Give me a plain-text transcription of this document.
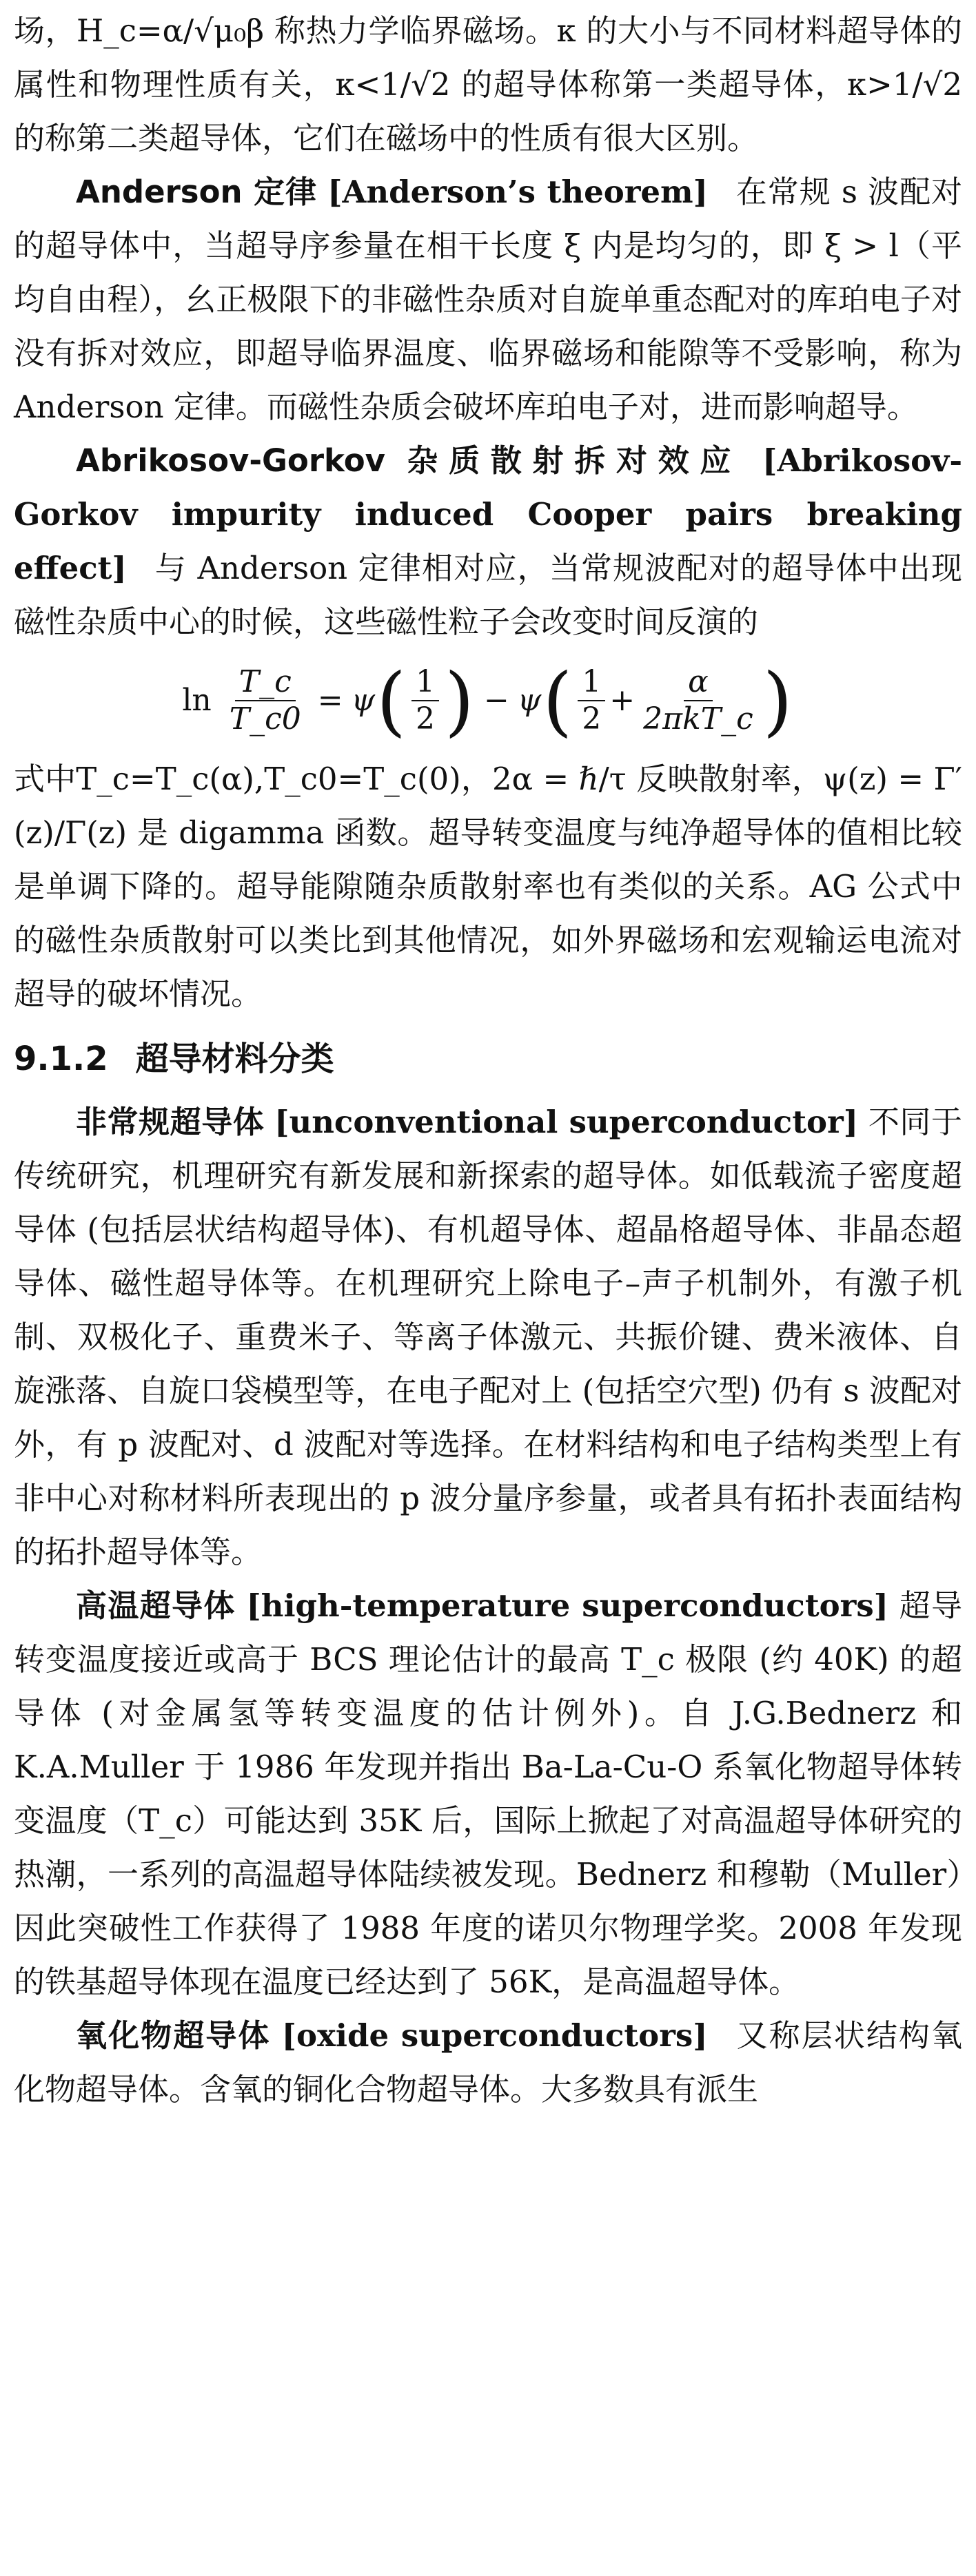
场，H_c=α/√μ₀β 称热力学临界磁场。κ 的大小与不同材料超导体的属性和物理性质有关，κ<1/√2 的超导体称第一类超导体，κ>1/√2 的称第二类超导体，它们在磁场中的性质有很大区别。

Anderson 定律 [Anderson’s theorem] 在常规 s 波配对的超导体中，当超导序参量在相干长度 ξ 内是均匀的，即 ξ > l（平均自由程），幺正极限下的非磁性杂质对自旋单重态配对的库珀电子对没有拆对效应，即超导临界温度、临界磁场和能隙等不受影响，称为 Anderson 定律。而磁性杂质会破坏库珀电子对，进而影响超导。

Abrikosov-Gorkov 杂质散射拆对效应 [Abrikosov-Gorkov impurity induced Cooper pairs breaking effect] 与 Anderson 定律相对应，当常规波配对的超导体中出现磁性杂质中心的时候，这些磁性粒子会改变时间反演的

ln
$\frac{T\_c}{T\_c0} = \psi$ ( $\frac{1}{2}$ ) − ψ ( $\frac{1}{2} + \frac{\alpha}{\text{2πkT\_c}}$ )

式中T_c=T_c(α),T_c0=T_c(0)，2α = ℏ/τ 反映散射率，ψ(z) = Γ′(z)/Γ(z) 是 digamma 函数。超导转变温度与纯净超导体的值相比较是单调下降的。超导能隙随杂质散射率也有类似的关系。AG 公式中的磁性杂质散射可以类比到其他情况，如外界磁场和宏观输运电流对超导的破坏情况。

9.1.2 超导材料分类

非常规超导体 [unconventional superconductor] 不同于传统研究，机理研究有新发展和新探索的超导体。如低载流子密度超导体 (包括层状结构超导体)、有机超导体、超晶格超导体、非晶态超导体、磁性超导体等。在机理研究上除电子–声子机制外，有激子机制、双极化子、重费米子、等离子体激元、共振价键、费米液体、自旋涨落、自旋口袋模型等，在电子配对上 (包括空穴型) 仍有 s 波配对外，有 p 波配对、d 波配对等选择。在材料结构和电子结构类型上有非中心对称材料所表现出的 p 波分量序参量，或者具有拓扑表面结构的拓扑超导体等。

高温超导体 [high-temperature superconductors] 超导转变温度接近或高于 BCS 理论估计的最高 T_c 极限 (约 40K) 的超导体 (对金属氢等转变温度的估计例外)。自 J.G.Bednerz 和 K.A.Muller 于 1986 年发现并指出 Ba-La-Cu-O 系氧化物超导体转变温度（T_c）可能达到 35K 后，国际上掀起了对高温超导体研究的热潮，一系列的高温超导体陆续被发现。Bednerz 和穆勒（Muller）因此突破性工作获得了 1988 年度的诺贝尔物理学奖。2008 年发现的铁基超导体现在温度已经达到了 56K，是高温超导体。

氧化物超导体 [oxide superconductors] 又称层状结构氧化物超导体。含氧的铜化合物超导体。大多数具有派生
